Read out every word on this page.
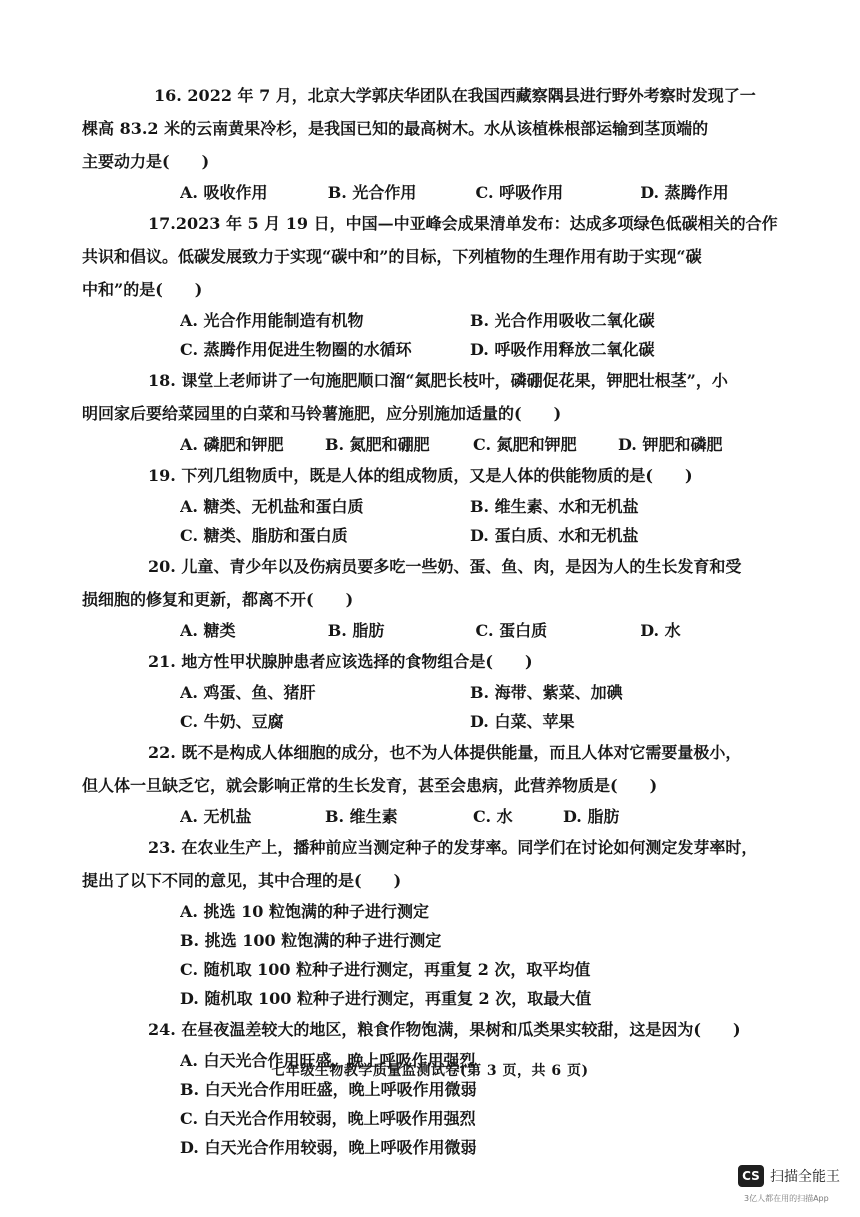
16. 2022 年 7 月，北京大学郭庆华团队在我国西藏察隅县进行野外考察时发现了一

棵高 83.2 米的云南黄果冷杉，是我国已知的最高树木。水从该植株根部运输到茎顶端的

主要动力是(　　)

A. 吸收作用	B. 光合作用	C. 呼吸作用	D. 蒸腾作用

17.2023 年 5 月 19 日，中国—中亚峰会成果清单发布：达成多项绿色低碳相关的合作

共识和倡议。低碳发展致力于实现“碳中和”的目标，下列植物的生理作用有助于实现“碳

中和”的是(　　)

A. 光合作用能制造有机物	B. 光合作用吸收二氧化碳
C. 蒸腾作用促进生物圈的水循环	D. 呼吸作用释放二氧化碳

18. 课堂上老师讲了一句施肥顺口溜“氮肥长枝叶，磷硼促花果，钾肥壮根茎”，小

明回家后要给菜园里的白菜和马铃薯施肥，应分别施加适量的(　　)

A. 磷肥和钾肥	B. 氮肥和硼肥	C. 氮肥和钾肥	D. 钾肥和磷肥

19. 下列几组物质中，既是人体的组成物质，又是人体的供能物质的是(　　)

A. 糖类、无机盐和蛋白质	B. 维生素、水和无机盐
C. 糖类、脂肪和蛋白质	D. 蛋白质、水和无机盐

20. 儿童、青少年以及伤病员要多吃一些奶、蛋、鱼、肉，是因为人的生长发育和受

损细胞的修复和更新，都离不开(　　)

A. 糖类	B. 脂肪	C. 蛋白质	D. 水

21. 地方性甲状腺肿患者应该选择的食物组合是(　　)

A. 鸡蛋、鱼、猪肝	B. 海带、紫菜、加碘
C. 牛奶、豆腐	D. 白菜、苹果

22. 既不是构成人体细胞的成分，也不为人体提供能量，而且人体对它需要量极小，

但人体一旦缺乏它，就会影响正常的生长发育，甚至会患病，此营养物质是(　　)

A. 无机盐	B. 维生素	C. 水	D. 脂肪

23. 在农业生产上，播种前应当测定种子的发芽率。同学们在讨论如何测定发芽率时，

提出了以下不同的意见，其中合理的是(　　)

A. 挑选 10 粒饱满的种子进行测定
B. 挑选 100 粒饱满的种子进行测定
C. 随机取 100 粒种子进行测定，再重复 2 次，取平均值
D. 随机取 100 粒种子进行测定，再重复 2 次，取最大值

24. 在昼夜温差较大的地区，粮食作物饱满，果树和瓜类果实较甜，这是因为(　　)

A. 白天光合作用旺盛，晚上呼吸作用强烈
B. 白天光合作用旺盛，晚上呼吸作用微弱
C. 白天光合作用较弱，晚上呼吸作用强烈
D. 白天光合作用较弱，晚上呼吸作用微弱
七年级生物教学质量监测试卷(第 3 页，共 6 页)
CS 扫描全能王
3亿人都在用的扫描App
